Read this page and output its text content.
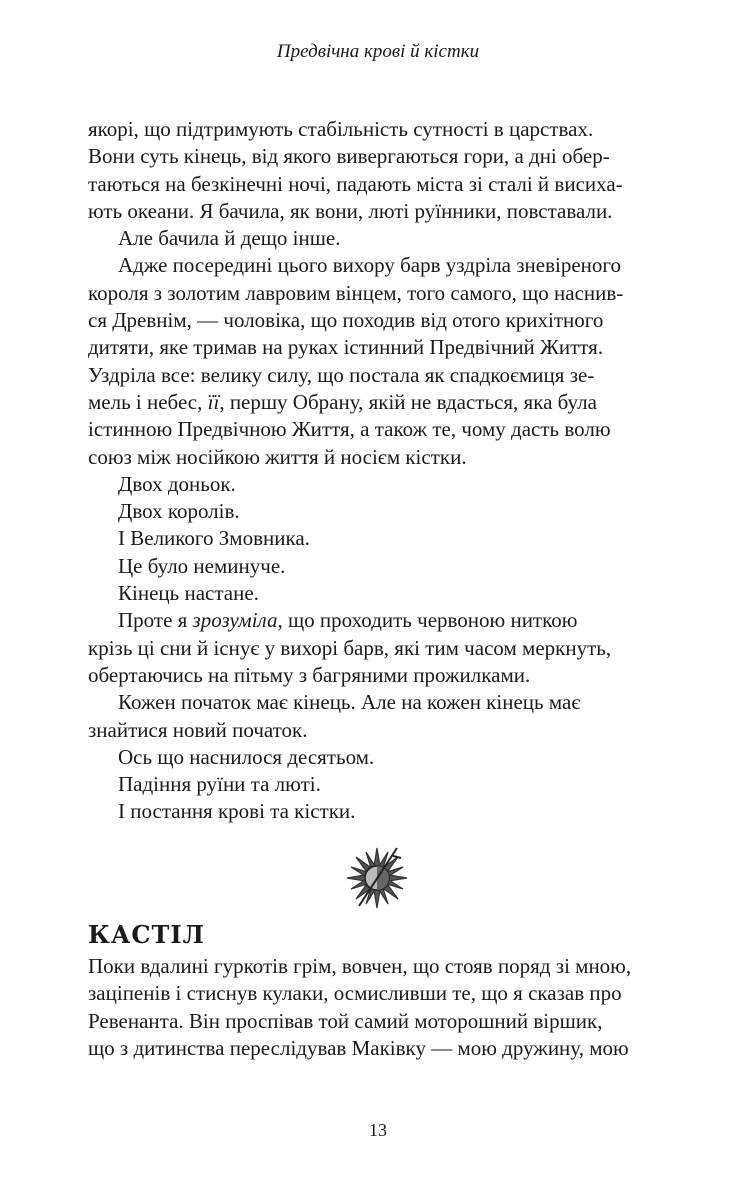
Предвічна крові й кістки

якорі, що підтримують стабільність сутності в царствах.
Вони суть кінець, від якого вивергаються гори, а дні обер-
таються на безкінечні ночі, падають міста зі сталі й висиха-
ють океани. Я бачила, як вони, люті руїнники, повставали.

Але бачила й дещо інше.

Адже посередині цього вихору барв уздріла зневіреного
короля з золотим лавровим вінцем, того самого, що наснив-
ся Древнім, — чоловіка, що походив від отого крихітного
дитяти, яке тримав на руках істинний Предвічний Життя.
Уздріла все: велику силу, що постала як спадкоємиця зе-
мель і небес, її, першу Обрану, якій не вдасться, яка була
істинною Предвічною Життя, а також те, чому дасть волю
союз між носійкою життя й носієм кістки.

Двох доньок.

Двох королів.

І Великого Змовника.

Це було неминуче.

Кінець настане.

Проте я зрозуміла, що проходить червоною ниткою
крізь ці сни й існує у вихорі барв, які тим часом меркнуть,
обертаючись на пітьму з багряними прожилками.

Кожен початок має кінець. Але на кожен кінець має
знайтися новий початок.

Ось що наснилося десятьом.

Падіння руїни та люті.

І постання крові та кістки.

КАСТІЛ

Поки вдалині гуркотів грім, вовчен, що стояв поряд зі мною,
заціпенів і стиснув кулаки, осмисливши те, що я сказав про
Ревенанта. Він проспівав той самий моторошний віршик,
що з дитинства переслідував Маківку — мою дружину, мою

13
